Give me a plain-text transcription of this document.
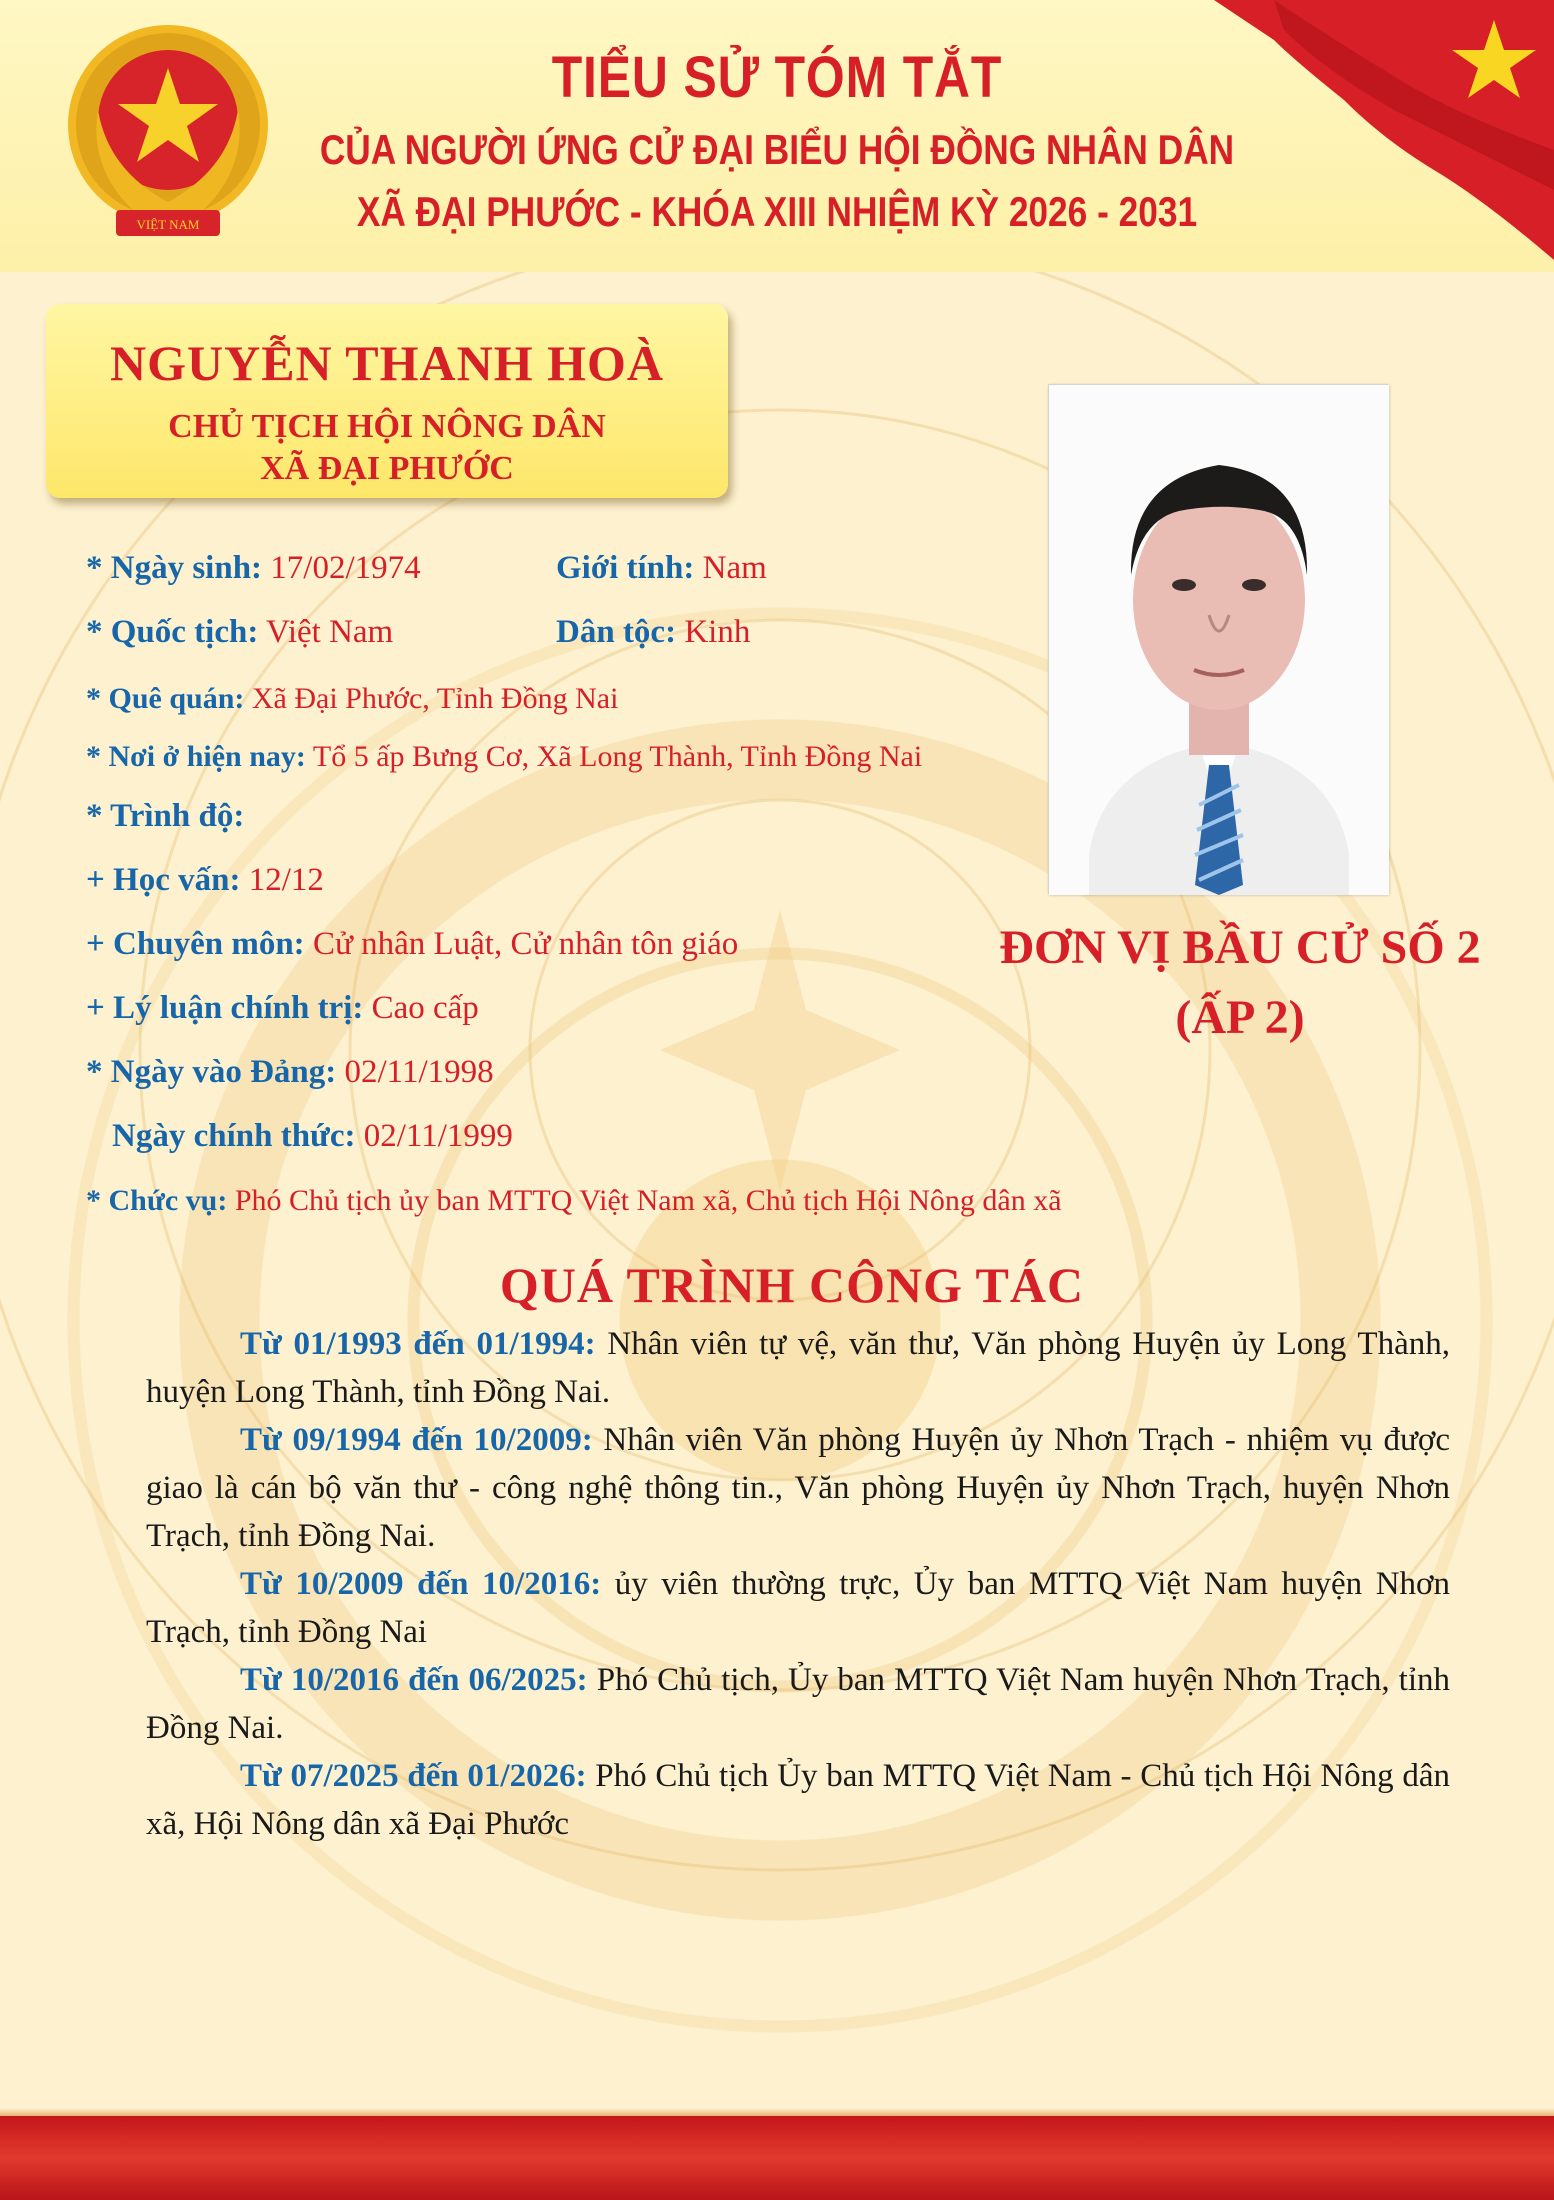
VIỆT NAM
TIỂU SỬ TÓM TẮT
CỦA NGƯỜI ỨNG CỬ ĐẠI BIỂU HỘI ĐỒNG NHÂN DÂN
XÃ ĐẠI PHƯỚC - KHÓA XIII NHIỆM KỲ 2026 - 2031
NGUYỄN THANH HOÀ
CHỦ TỊCH HỘI NÔNG DÂN
XÃ ĐẠI PHƯỚC
* Ngày sinh: 17/02/1974	Giới tính: Nam
* Quốc tịch: Việt Nam	Dân tộc: Kinh
* Quê quán: Xã Đại Phước, Tỉnh Đồng Nai
* Nơi ở hiện nay: Tổ 5 ấp Bưng Cơ, Xã Long Thành, Tỉnh Đồng Nai
* Trình độ:
+ Học vấn: 12/12
+ Chuyên môn: Cử nhân Luật, Cử nhân tôn giáo
+ Lý luận chính trị: Cao cấp
* Ngày vào Đảng: 02/11/1998
Ngày chính thức: 02/11/1999
* Chức vụ: Phó Chủ tịch ủy ban MTTQ Việt Nam xã, Chủ tịch Hội Nông dân xã
ĐƠN VỊ BẦU CỬ SỐ 2
(ẤP 2)
QUÁ TRÌNH CÔNG TÁC

Từ 01/1993 đến 01/1994: Nhân viên tự vệ, văn thư, Văn phòng Huyện ủy Long Thành, huyện Long Thành, tỉnh Đồng Nai.

Từ 09/1994 đến 10/2009: Nhân viên Văn phòng Huyện ủy Nhơn Trạch - nhiệm vụ được giao là cán bộ văn thư - công nghệ thông tin., Văn phòng Huyện ủy Nhơn Trạch, huyện Nhơn Trạch, tỉnh Đồng Nai.

Từ 10/2009 đến 10/2016: ủy viên thường trực, Ủy ban MTTQ Việt Nam huyện Nhơn Trạch, tỉnh Đồng Nai

Từ 10/2016 đến 06/2025: Phó Chủ tịch, Ủy ban MTTQ Việt Nam huyện Nhơn Trạch, tỉnh Đồng Nai.

Từ 07/2025 đến 01/2026: Phó Chủ tịch Ủy ban MTTQ Việt Nam - Chủ tịch Hội Nông dân xã, Hội Nông dân xã Đại Phước
